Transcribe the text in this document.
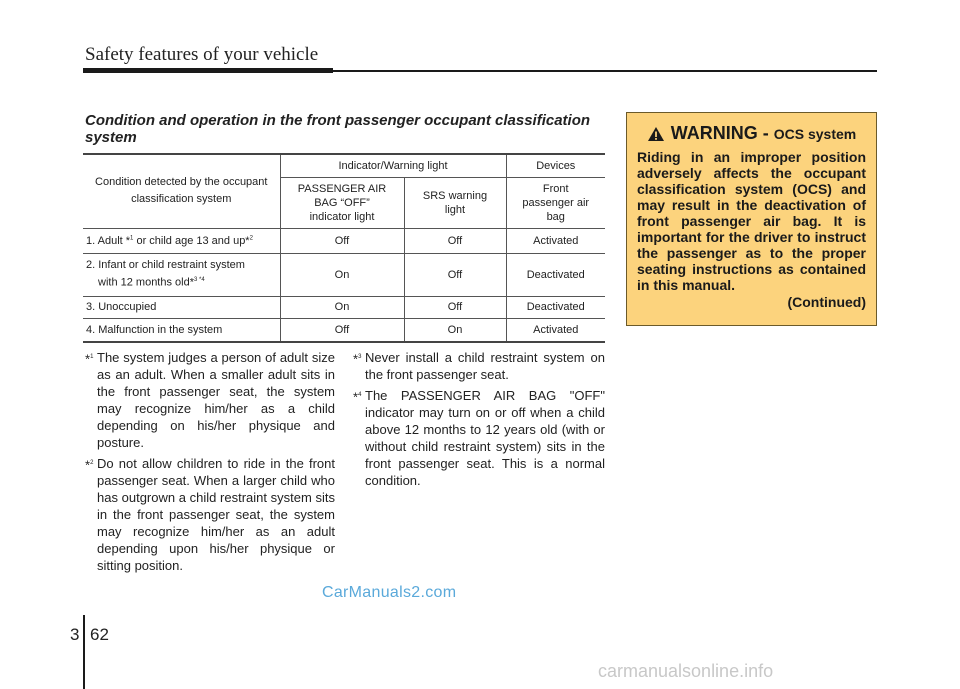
Safety features of your vehicle
Condition and operation in the front passenger occupant classification system
Condition detected by the occupant classification system	Indicator/Warning light		Devices
	PASSENGER AIR BAG “OFF” indicator light	SRS warning light	Front passenger air bag
1. Adult *$^1$ or child age 13 and up*$^2$	Off	Off	Activated
2. Infant or child restraint system
with 12 months old*$^{3 *4}$	On	Off	Deactivated
3. Unoccupied	On	Off	Deactivated
4. Malfunction in the system	Off	On	Activated
*$^1$ The system judges a person of adult size as an adult. When a smaller adult sits in the front passenger seat, the system may recognize him/her as a child depending on his/her physique and posture.
*$^2$ Do not allow children to ride in the front passenger seat. When a larger child who has outgrown a child restraint system sits in the front passenger seat, the system may recognize him/her as an adult depending upon his/her physique or sitting position.
*$^3$ Never install a child restraint system on the front passenger seat.
*$^4$ The PASSENGER AIR BAG "OFF" indicator may turn on or off when a child above 12 months to 12 years old (with or without child restraint system) sits in the front passenger seat. This is a normal condition.
WARNING - OCS system
Riding in an improper position adversely affects the occupant classification system (OCS) and may result in the deactivation of front passenger air bag. It is important for the driver to instruct the passenger as to the proper seating instructions as contained in this manual.
(Continued)
CarManuals2.com
3 62
carmanualsonline.info
